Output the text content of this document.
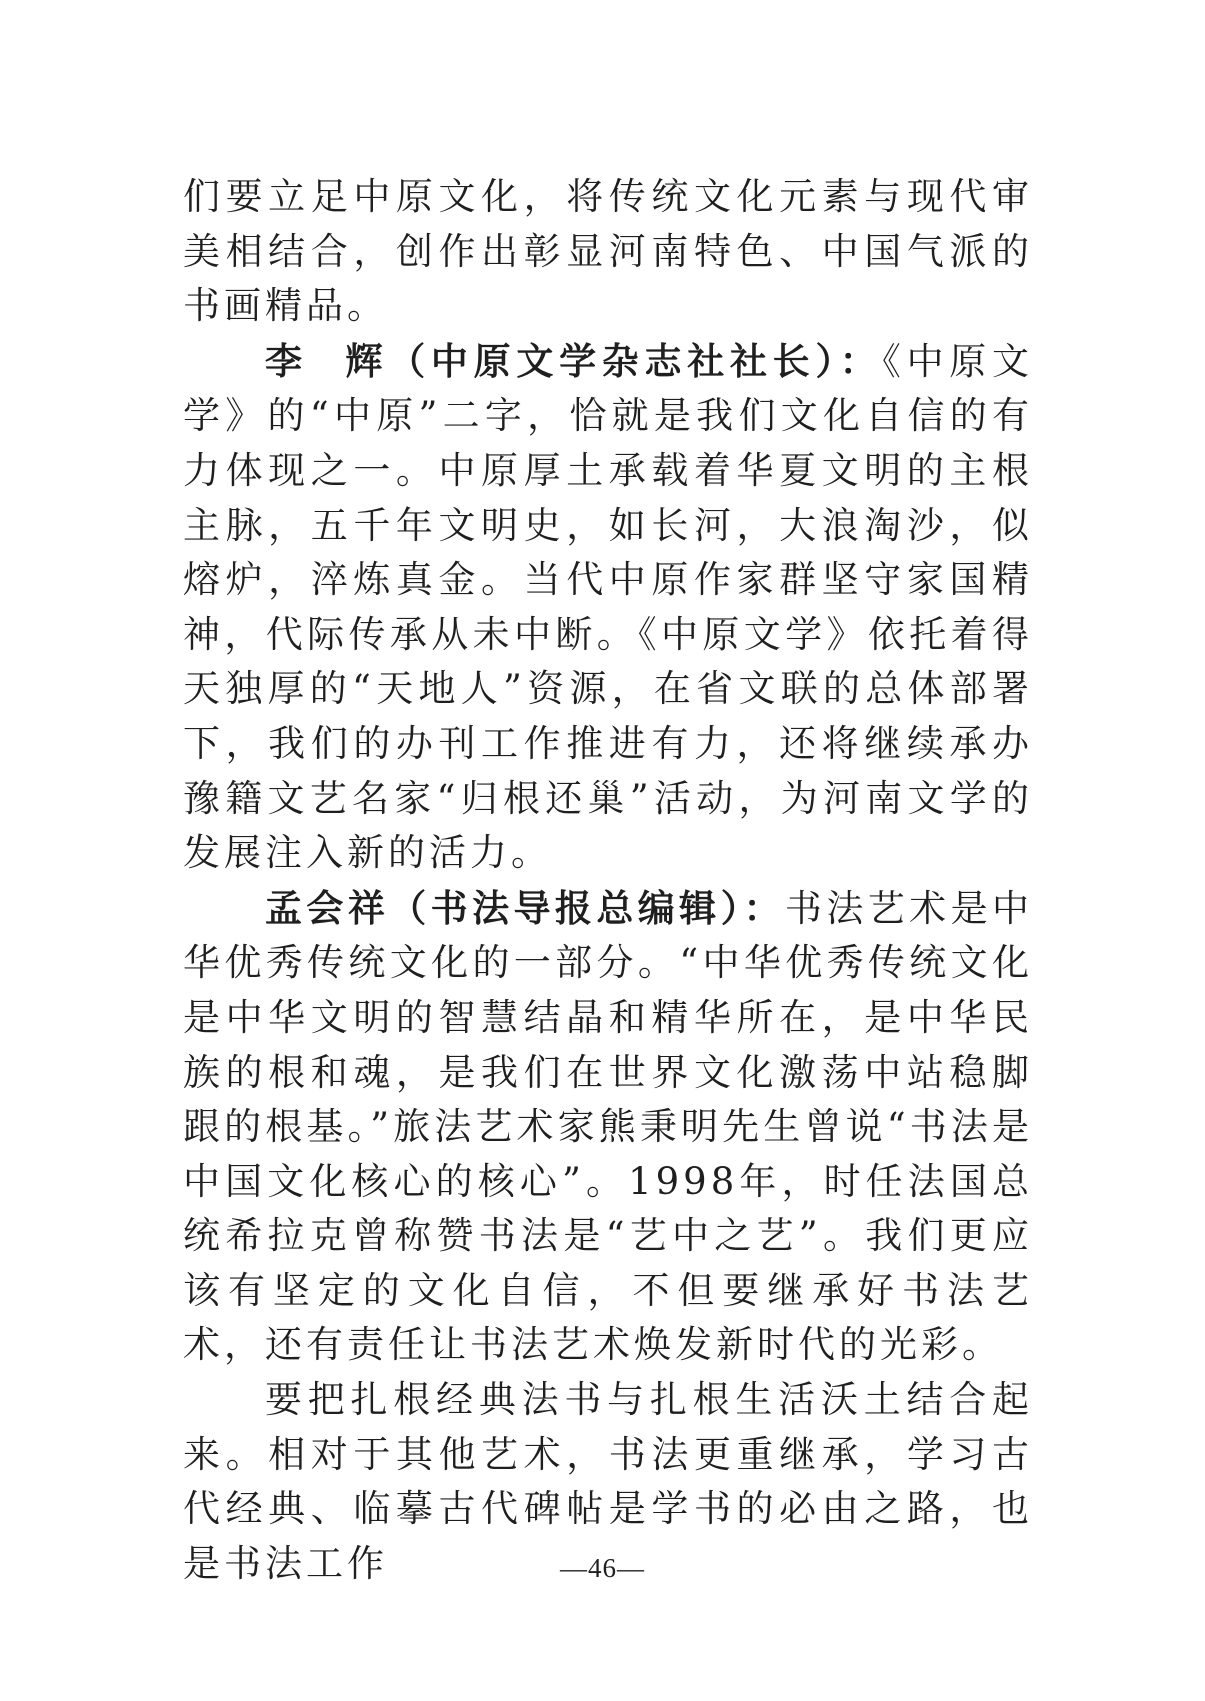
们要立足中原文化，将传统文化元素与现代审美相结合，创作出彰显河南特色、中国气派的书画精品。

李 辉（中原文学杂志社社长）：《中原文学》的“中原”二字，恰就是我们文化自信的有力体现之一。中原厚土承载着华夏文明的主根主脉，五千年文明史，如长河，大浪淘沙，似熔炉，淬炼真金。当代中原作家群坚守家国精神，代际传承从未中断。《中原文学》依托着得天独厚的“天地人”资源，在省文联的总体部署下，我们的办刊工作推进有力，还将继续承办豫籍文艺名家“归根还巢”活动，为河南文学的发展注入新的活力。

孟会祥（书法导报总编辑）：书法艺术是中华优秀传统文化的一部分。“中华优秀传统文化是中华文明的智慧结晶和精华所在，是中华民族的根和魂，是我们在世界文化激荡中站稳脚跟的根基。”旅法艺术家熊秉明先生曾说“书法是中国文化核心的核心”。1998年，时任法国总统希拉克曾称赞书法是“艺中之艺”。我们更应该有坚定的文化自信，不但要继承好书法艺术，还有责任让书法艺术焕发新时代的光彩。

要把扎根经典法书与扎根生活沃土结合起来。相对于其他艺术，书法更重继承，学习古代经典、临摹古代碑帖是学书的必由之路，也是书法工作	—46—
